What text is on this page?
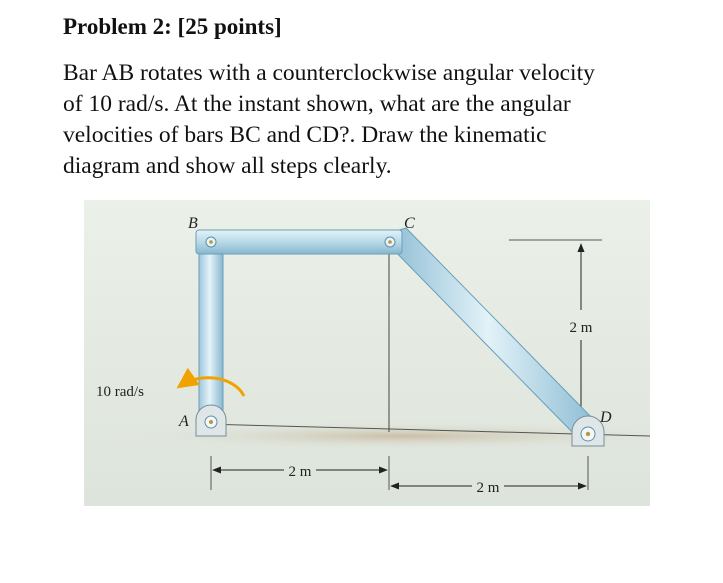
Problem 2: [25 points]
Bar AB rotates with a counterclockwise angular velocity
of 10 rad/s. At the instant shown, what are the angular
velocities of bars BC and CD?. Draw the kinematic
diagram and show all steps clearly.
2 m
10 rad/s
B	C
A	D
2 m
2 m
